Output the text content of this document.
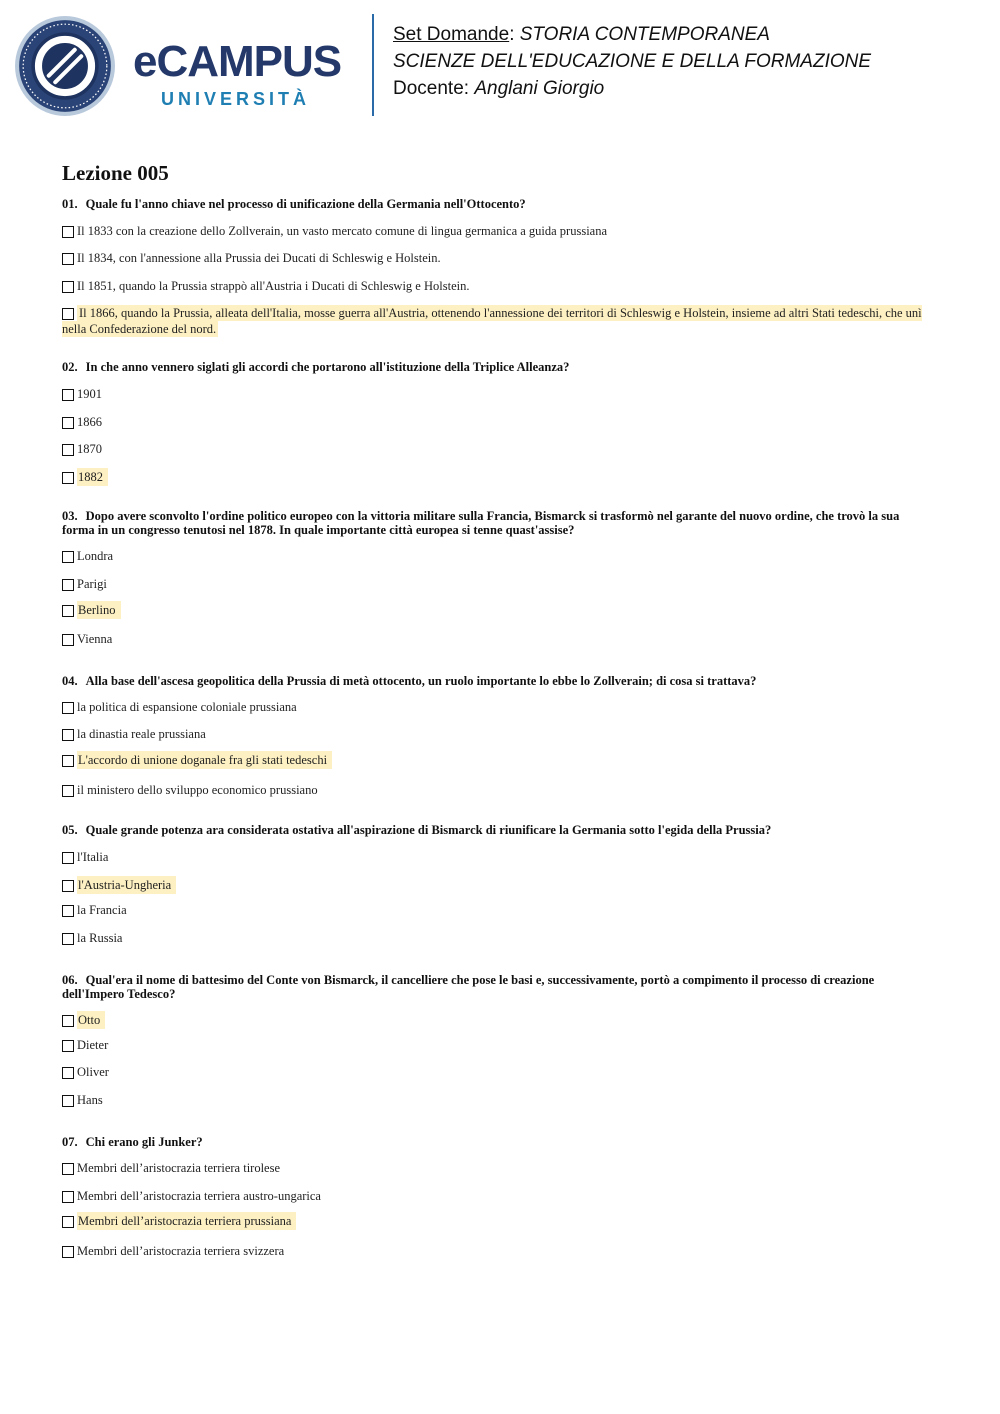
eCAMPUS
UNIVERSITÀ
Set Domande: STORIA CONTEMPORANEA
SCIENZE DELL'EDUCAZIONE E DELLA FORMAZIONE
Docente: Anglani Giorgio
Lezione 005
01. Quale fu l'anno chiave nel processo di unificazione della Germania nell'Ottocento?
Il 1833 con la creazione dello Zollverain, un vasto mercato comune di lingua germanica a guida prussiana
Il 1834, con l'annessione alla Prussia dei Ducati di Schleswig e Holstein.
Il 1851, quando la Prussia strappò all'Austria i Ducati di Schleswig e Holstein.
Il 1866, quando la Prussia, alleata dell'Italia, mosse guerra all'Austria, ottenendo l'annessione dei territori di Schleswig e Holstein, insieme ad altri Stati tedeschi, che unì nella Confederazione del nord.
02. In che anno vennero siglati gli accordi che portarono all'istituzione della Triplice Alleanza?
1901
1866
1870
1882
03. Dopo avere sconvolto l'ordine politico europeo con la vittoria militare sulla Francia, Bismarck si trasformò nel garante del nuovo ordine, che trovò la sua forma in un congresso tenutosi nel 1878. In quale importante città europea si tenne quast'assise?
Londra
Parigi
Berlino
Vienna
04. Alla base dell'ascesa geopolitica della Prussia di metà ottocento, un ruolo importante lo ebbe lo Zollverain; di cosa si trattava?
la politica di espansione coloniale prussiana
la dinastia reale prussiana
L'accordo di unione doganale fra gli stati tedeschi
il ministero dello sviluppo economico prussiano
05. Quale grande potenza ara considerata ostativa all'aspirazione di Bismarck di riunificare la Germania sotto l'egida della Prussia?
l'Italia
l'Austria-Ungheria
la Francia
la Russia
06. Qual'era il nome di battesimo del Conte von Bismarck, il cancelliere che pose le basi e, successivamente, portò a compimento il processo di creazione dell'Impero Tedesco?
Otto
Dieter
Oliver
Hans
07. Chi erano gli Junker?
Membri dell’aristocrazia terriera tirolese
Membri dell’aristocrazia terriera austro-ungarica
Membri dell’aristocrazia terriera prussiana
Membri dell’aristocrazia terriera svizzera
